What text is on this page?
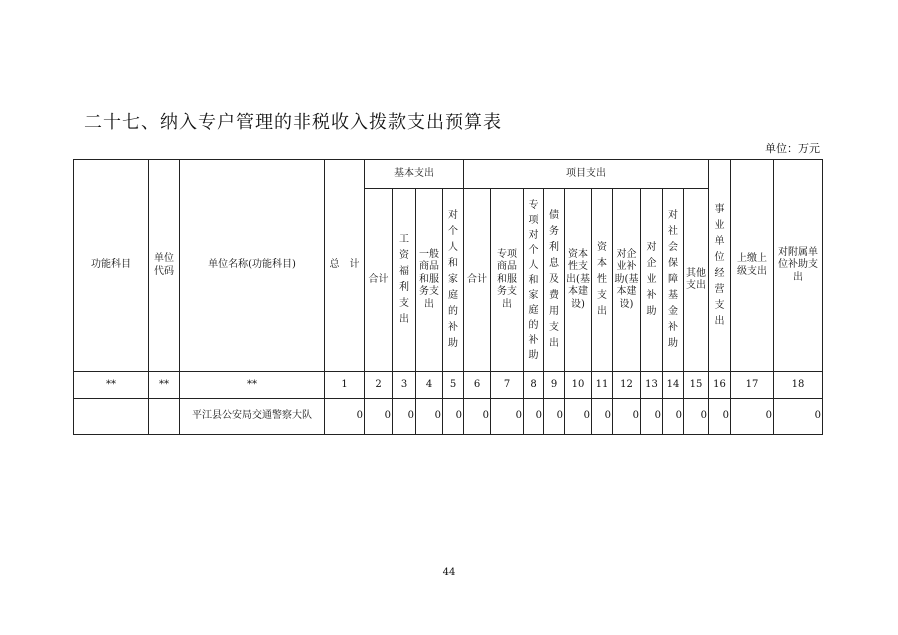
二十七、纳入专户管理的非税收入拨款支出预算表
单位：万元
功能科目	单位代码	单位名称(功能科目)	总　计	基本支出				项目支出										事业单位经营支出	上缴上级支出	对附属单位补助支出
				合计	工资福利支出	一般商品和服务支出	对个人和家庭的补助	合计	专项商品和服务支出	专项对个人和家庭的补助	债务利息及费用支出	资本性支出(基本建设)	资本性支出	对企业补助(基本建设)	对企业补助	对社会保障基金补助	其他支出			
**	**	**	1	2	3	4	5	6	7	8	9	10	11	12	13	14	15	16	17	18
		平江县公安局交通警察大队	0	0	0	0	0	0	0	0	0	0	0	0	0	0	0	0	0	0
44
